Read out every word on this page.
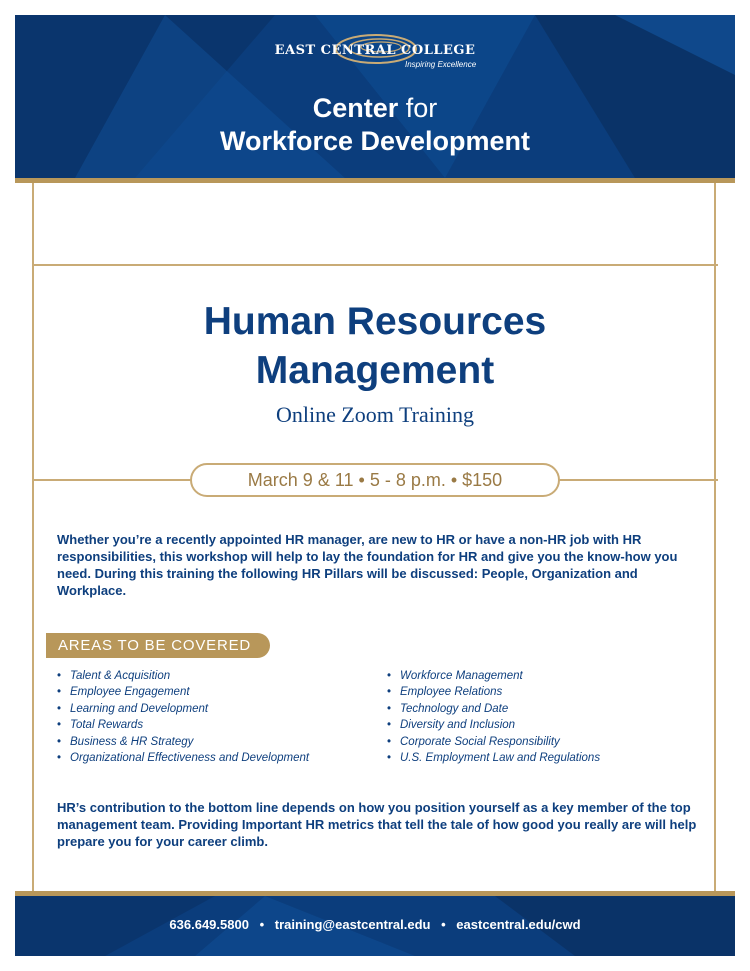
EAST CENTRAL COLLEGE
Inspiring Excellence
Center for
Workforce Development
Human Resources
Management
Online Zoom Training
March 9 & 11 • 5 - 8 p.m. • $150
Whether you’re a recently appointed HR manager, are new to HR or have a non-HR job with HR responsibilities, this workshop will help to lay the foundation for HR and give you the know-how you need. During this training the following HR Pillars will be discussed: People, Organization and Workplace.
AREAS TO BE COVERED
• Talent & Acquisition
• Employee Engagement
• Learning and Development
• Total Rewards
• Business & HR Strategy
• Organizational Effectiveness and Development
• Workforce Management
• Employee Relations
• Technology and Date
• Diversity and Inclusion
• Corporate Social Responsibility
• U.S. Employment Law and Regulations
HR’s contribution to the bottom line depends on how you position yourself as a key member of the top management team. Providing Important HR metrics that tell the tale of how good you really are will help prepare you for your career climb.
636.649.5800 • training@eastcentral.edu • eastcentral.edu/cwd
